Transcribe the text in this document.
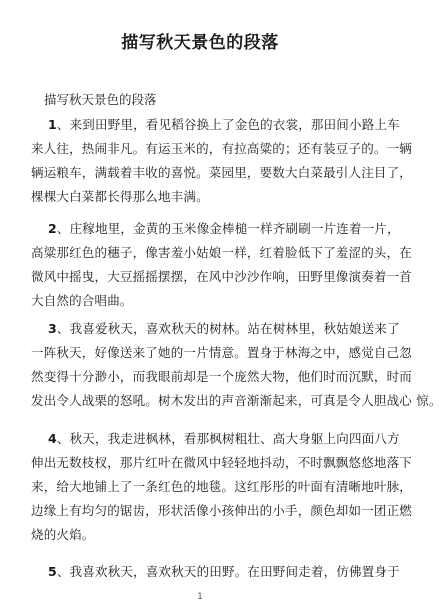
描写秋天景色的段落
描写秋天景色的段落
1、来到田野里，看见稻谷换上了金色的衣裳，那田间小路上车
来人往，热闹非凡。有运玉米的，有拉高粱的；还有装豆子的。一辆
辆运粮车，满载着丰收的喜悦。菜园里，要数大白菜最引人注目了，
棵棵大白菜都长得那么地丰满。
2、庄稼地里，金黄的玉米像金棒槌一样齐刷刷一片连着一片，
高粱那红色的穗子，像害羞小姑娘一样，红着脸低下了羞涩的头，在
微风中摇曳，大豆摇摇摆摆，在风中沙沙作响，田野里像演奏着一首
大自然的合唱曲。
3、我喜爱秋天，喜欢秋天的树林。站在树林里，秋姑娘送来了
一阵秋天，好像送来了她的一片情意。置身于林海之中，感觉自己忽
然变得十分渺小，而我眼前却是一个庞然大物，他们时而沉默，时而
发出令人战栗的怒吼。树木发出的声音渐渐起来，可真是令人胆战心 惊。
4、秋天，我走进枫林，看那枫树粗壮、高大身躯上向四面八方
伸出无数枝杈，那片红叶在微风中轻轻地抖动，不时飘飘悠悠地落下
来，给大地铺上了一条红色的地毯。这红彤彤的叶面有清晰地叶脉，
边缘上有均匀的锯齿，形状活像小孩伸出的小手，颜色却如一团正燃
烧的火焰。
5、我喜欢秋天，喜欢秋天的田野。在田野间走着，仿佛置身于
1
